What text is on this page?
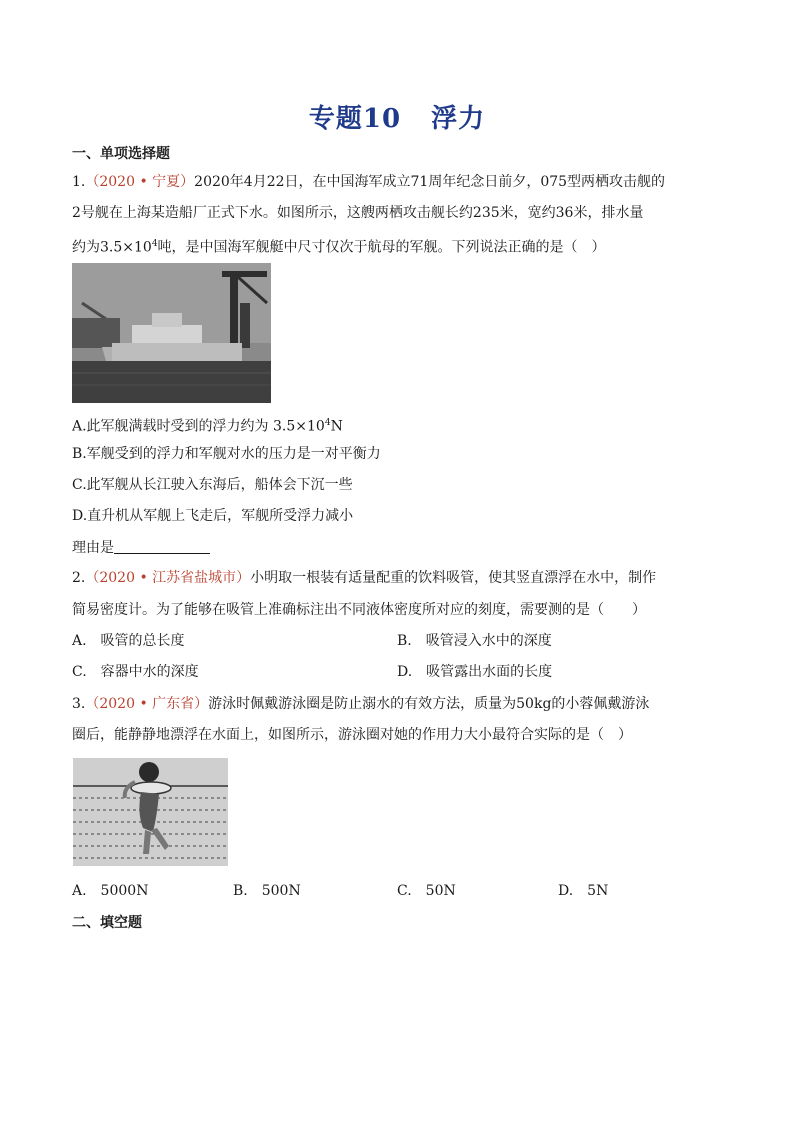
专题10 浮力
一、单项选择题
1.（2020 • 宁夏）2020年4月22日，在中国海军成立71周年纪念日前夕，075型两栖攻击舰的
2号舰在上海某造船厂正式下水。如图所示，这艘两栖攻击舰长约235米，宽约36米，排水量
约为$3.5\times 10^4$吨，是中国海军舰艇中尺寸仅次于航母的军舰。下列说法正确的是（　）
A.此军舰满载时受到的浮力约为 $3.5\times 10^4N$
B.军舰受到的浮力和军舰对水的压力是一对平衡力
C.此军舰从长江驶入东海后，船体会下沉一些
D.直升机从军舰上飞走后，军舰所受浮力减小
理由是
2.（2020 • 江苏省盐城市）小明取一根装有适量配重的饮料吸管，使其竖直漂浮在水中，制作
简易密度计。为了能够在吸管上准确标注出不同液体密度所对应的刻度，需要测的是（　　）
A.　吸管的总长度	B.　吸管浸入水中的深度
C.　容器中水的深度	D.　吸管露出水面的长度
3.（2020 • 广东省）游泳时佩戴游泳圈是防止溺水的有效方法，质量为50kg的小蓉佩戴游泳
圈后，能静静地漂浮在水面上，如图所示，游泳圈对她的作用力大小最符合实际的是（　）
A.　5000N	B.　500N	C.　50N	D.　5N
二、填空题
